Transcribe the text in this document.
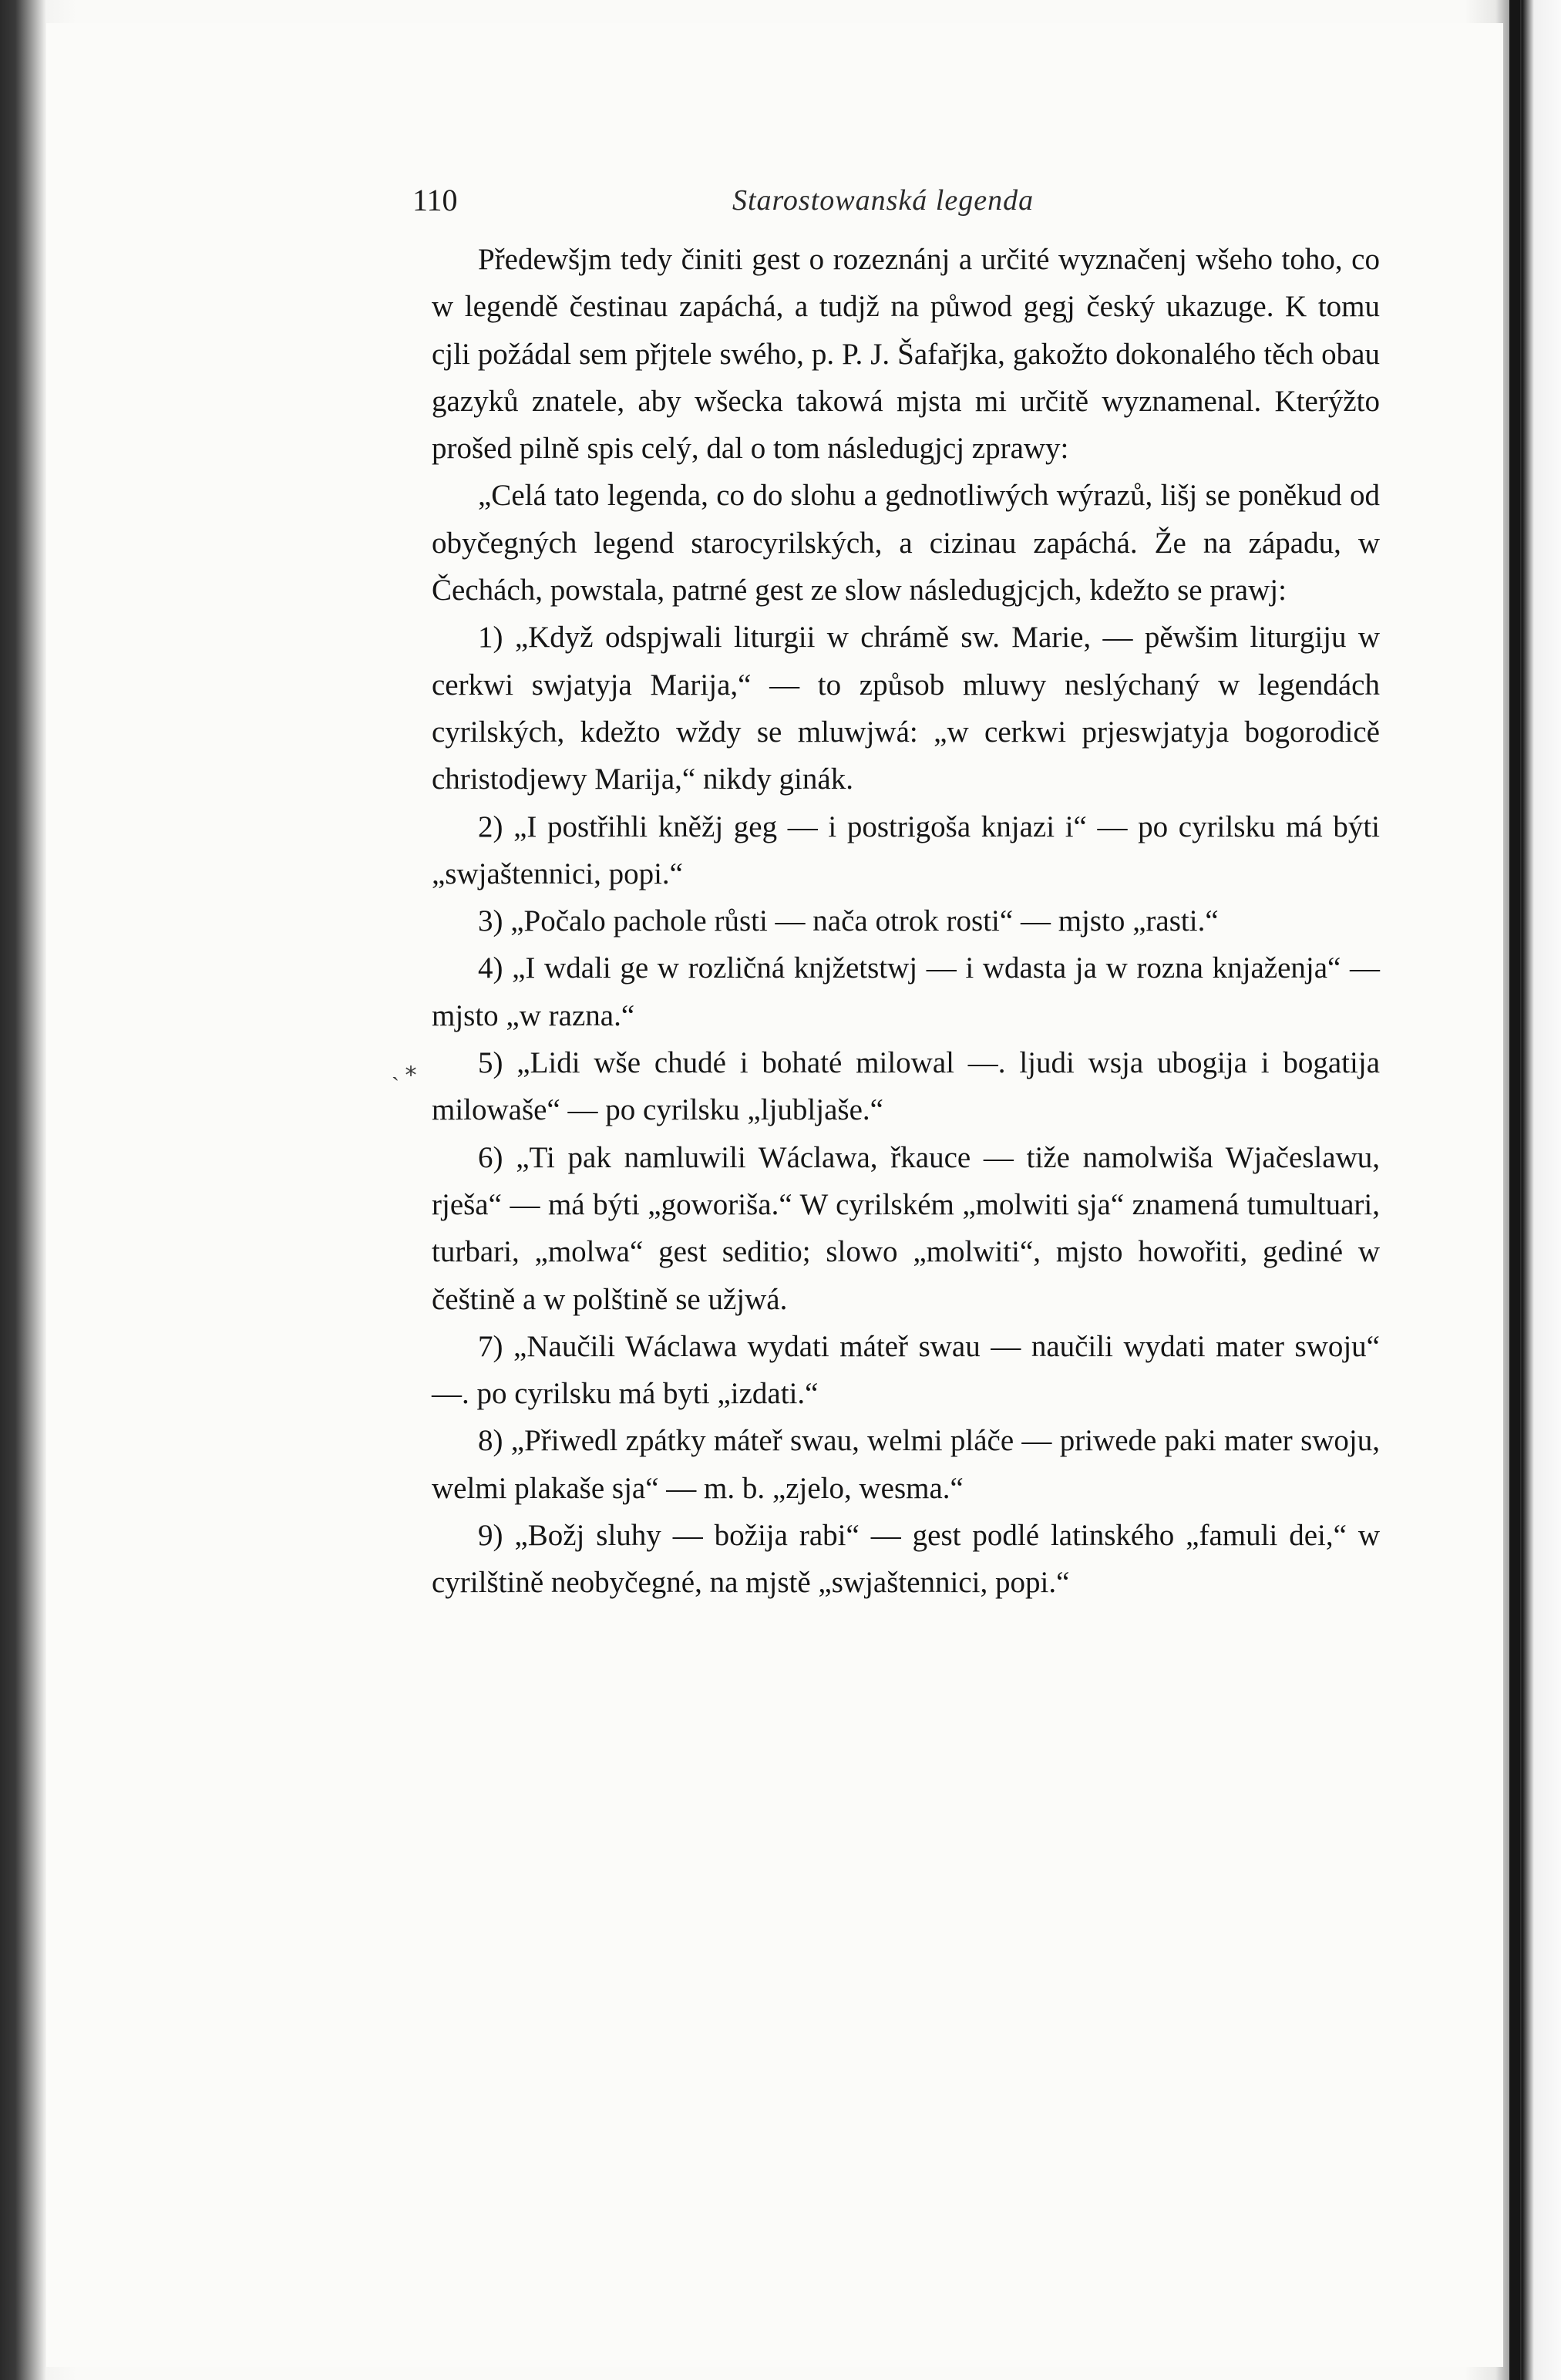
110	Starostowanská legenda
ˎ ⁎

Předewšjm tedy činiti gest o rozeznánj a určité wyznačenj wšeho toho, co w legendě čestinau zapáchá, a tudjž na půwod gegj český ukazuge. K tomu cjli požádal sem přjtele swého, p. P. J. Šafařjka, gakožto dokonalého těch obau gazyků znatele, aby wšecka takowá mjsta mi určitě wyznamenal. Kterýžto prošed pilně spis celý, dal o tom následugjcj zprawy:

„Celá tato legenda, co do slohu a gednotliwých wýrazů, lišj se poněkud od obyčegných legend starocyrilských, a cizinau zapáchá. Že na západu, w Čechách, powstala, patrné gest ze slow následugjcjch, kdežto se prawj:

1) „Když odspjwali liturgii w chrámě sw. Marie, — pěwšim liturgiju w cerkwi swjatyja Marija,“ — to způsob mluwy neslýchaný w legendách cyrilských, kdežto wždy se mluwjwá: „w cerkwi prjeswjatyja bogorodicě christodjewy Marija,“ nikdy ginák.

2) „I postřihli kněžj geg — i postrigoša knjazi i“ — po cyrilsku má býti „swjaštennici, popi.“

3) „Počalo pachole růsti — nača otrok rosti“ — mjsto „rasti.“

4) „I wdali ge w rozličná knjžetstwj — i wdasta ja w rozna knjaženja“ — mjsto „w razna.“

5) „Lidi wše chudé i bohaté milowal —. ljudi wsja ubogija i bogatija milowaše“ — po cyrilsku „ljubljaše.“

6) „Ti pak namluwili Wáclawa, řkauce — tiže namolwiša Wjačeslawu, rješa“ — má býti „goworiša.“ W cyrilském „molwiti sja“ znamená tumultuari, turbari, „molwa“ gest seditio; slowo „molwiti“, mjsto howořiti, gediné w češtině a w polštině se užjwá.

7) „Naučili Wáclawa wydati máteř swau — naučili wydati mater swoju“ —. po cyrilsku má byti „izdati.“

8) „Přiwedl zpátky máteř swau, welmi pláče — priwede paki mater swoju, welmi plakaše sja“ — m. b. „zjelo, wesma.“

9) „Božj sluhy — božija rabi“ — gest podlé latinského „famuli dei,“ w cyrilštině neobyčegné, na mjstě „swjaštennici, popi.“
